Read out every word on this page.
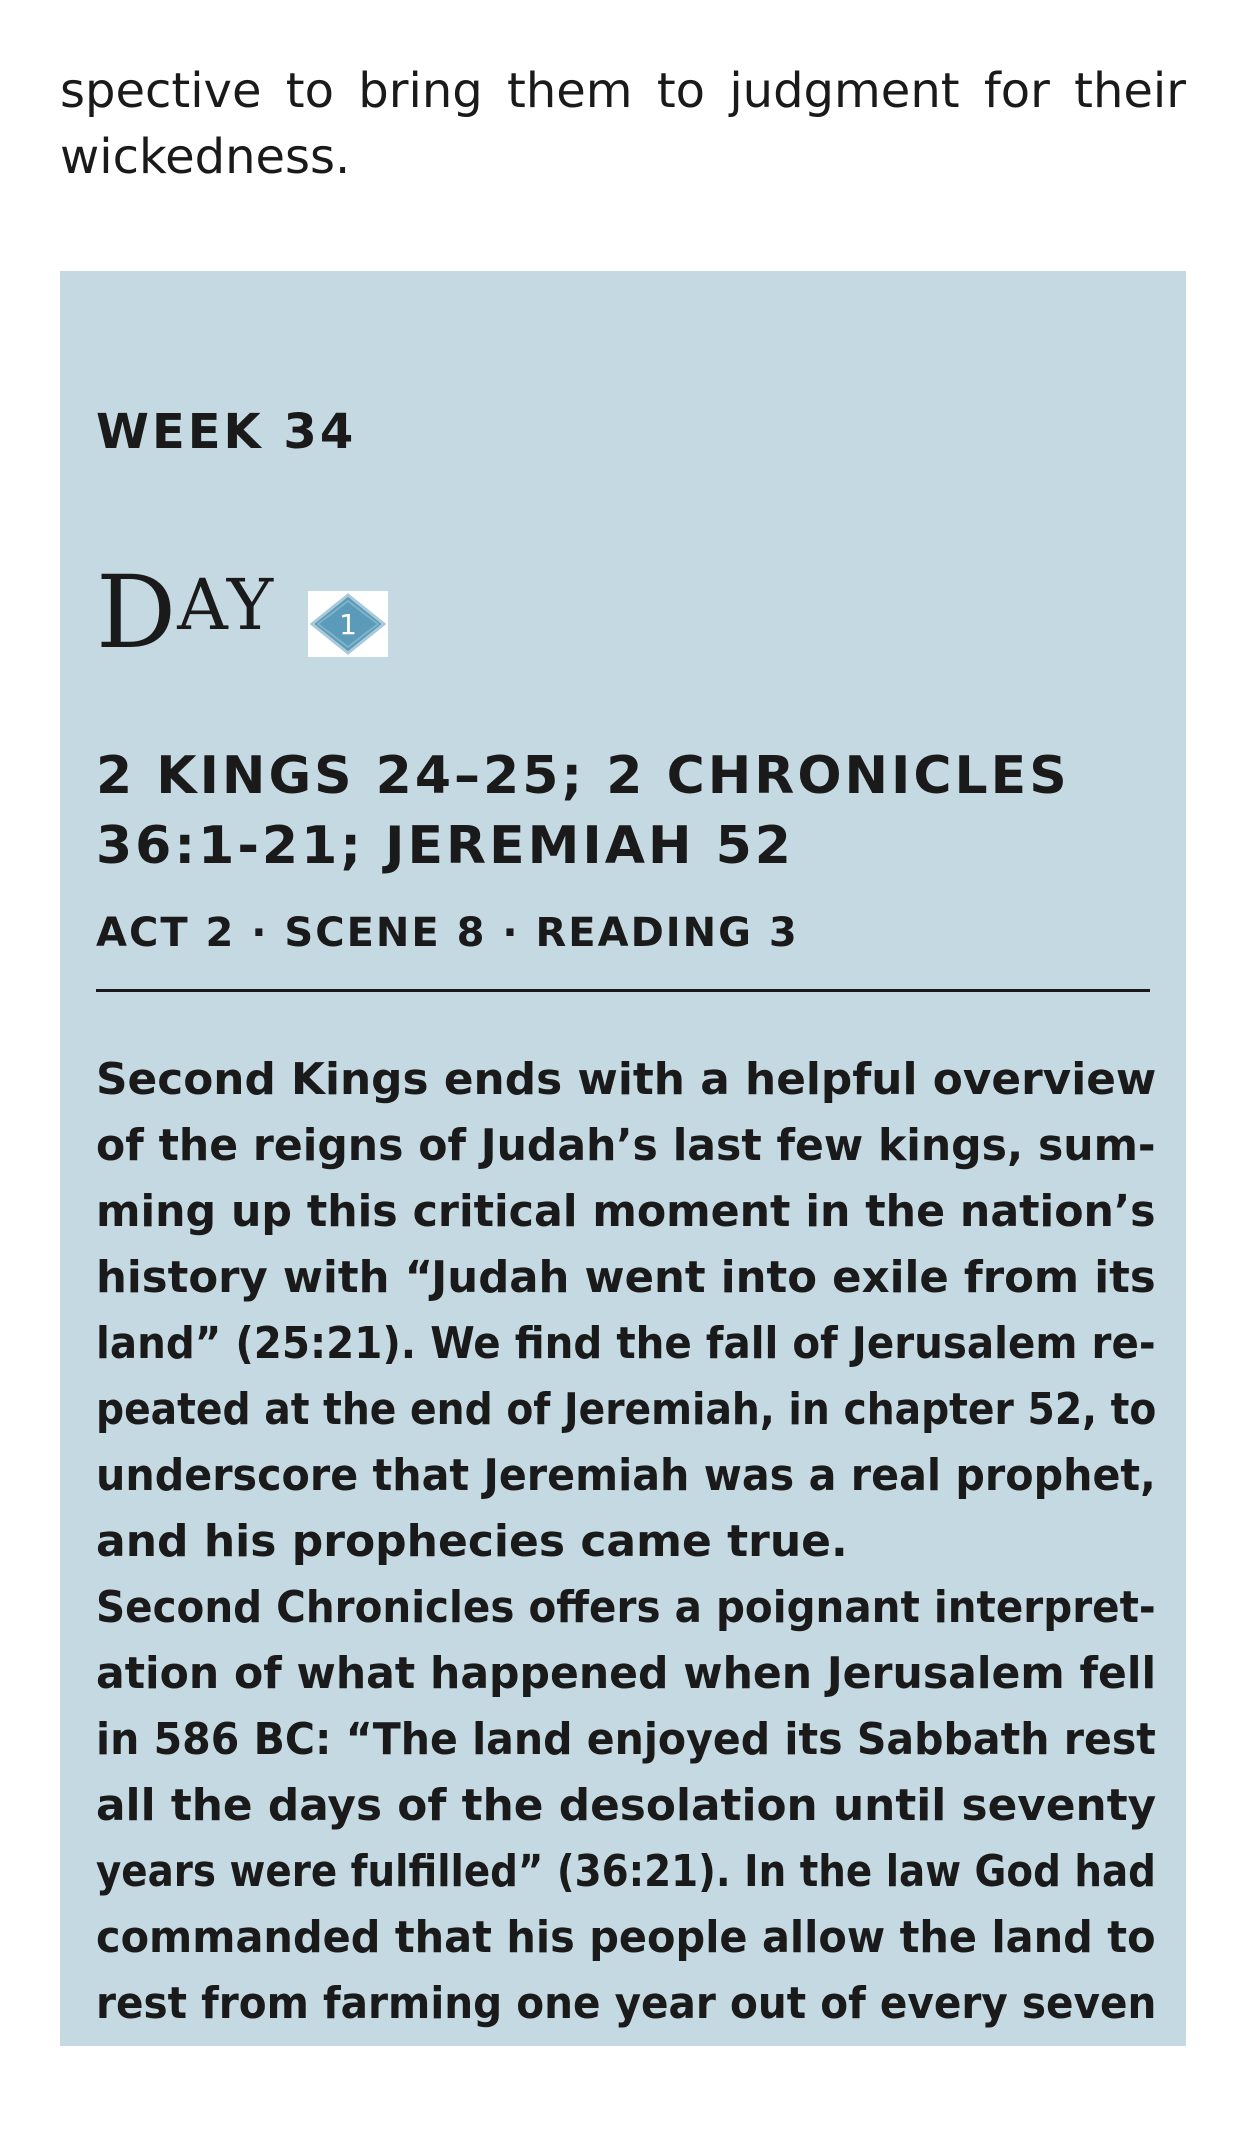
spective to bring them to judgment for their
wickedness.

WEEK 34
D AY 1
2 KINGS 24–25; 2 CHRONICLES
36:1-21; JEREMIAH 52

ACT 2 · SCENE 8 · READING 3

Second Kings ends with a helpful overview
of the reigns of Judah’s last few kings, sum-
ming up this critical moment in the nation’s
history with “Judah went into exile from its
land” (25:21). We find the fall of Jerusalem re-
peated at the end of Jeremiah, in chapter 52, to
underscore that Jeremiah was a real prophet,

and his prophecies came true.
Second Chronicles offers a poignant interpret-
ation of what happened when Jerusalem fell
in 586 BC: “The land enjoyed its Sabbath rest
all the days of the desolation until seventy
years were fulfilled” (36:21). In the law God had
commanded that his people allow the land to
rest from farming one year out of every seven
